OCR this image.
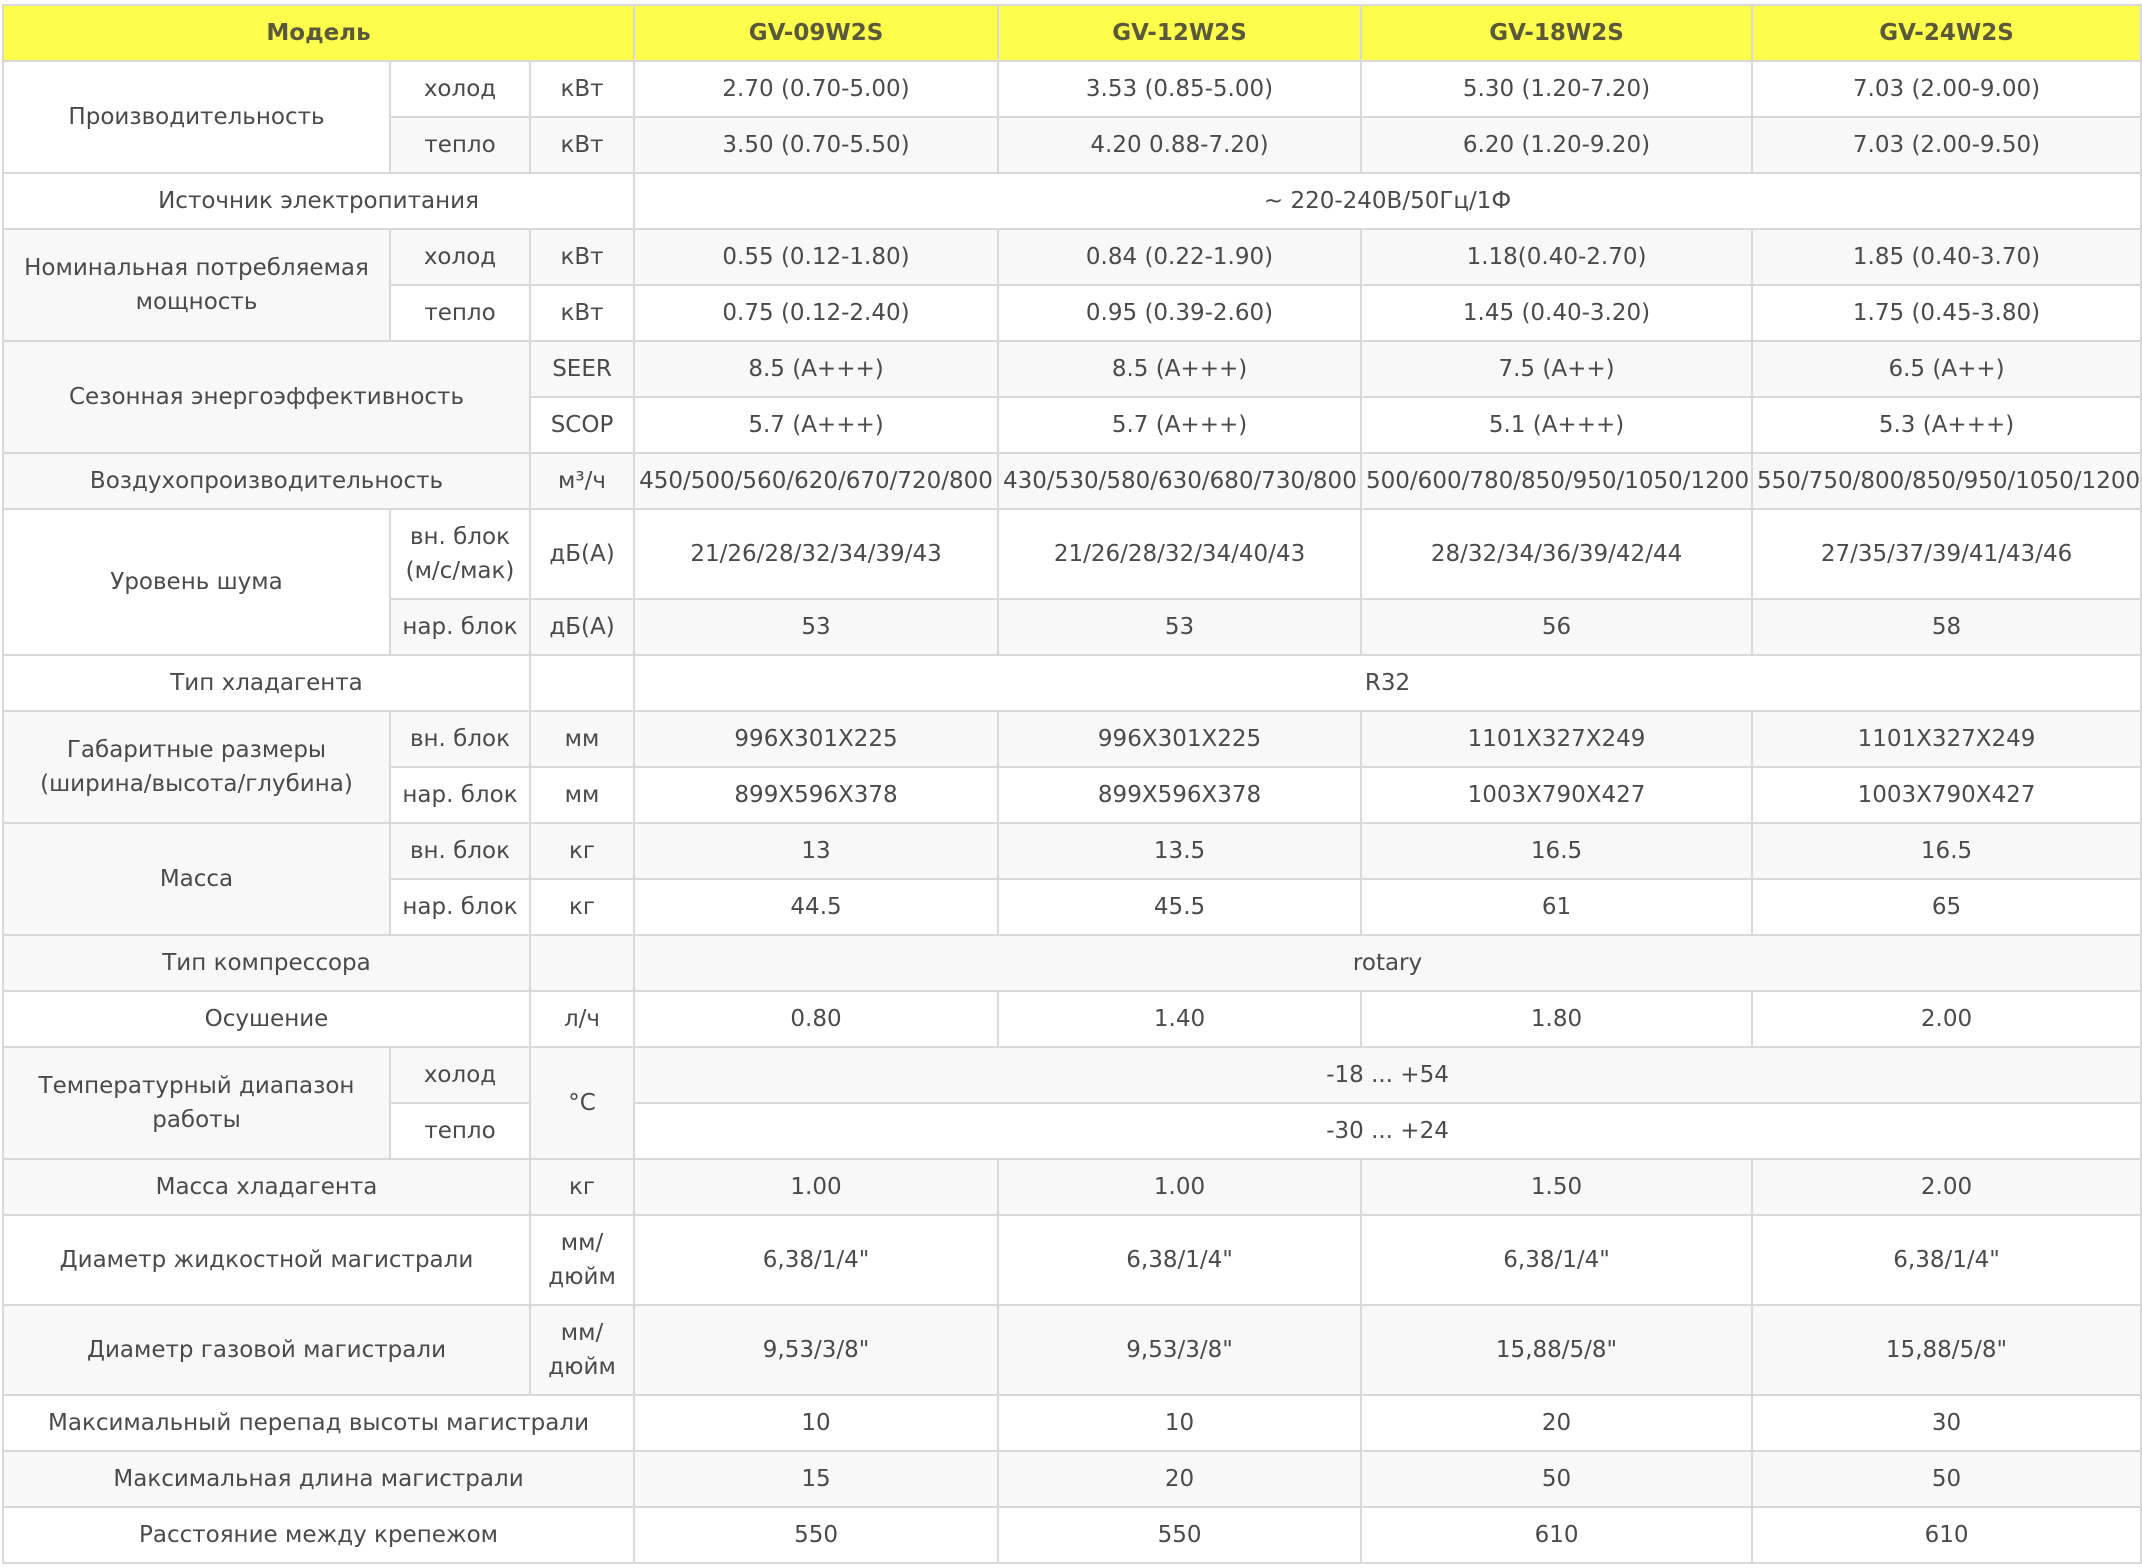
Модель			GV-09W2S	GV-12W2S	GV-18W2S	GV-24W2S
Производительность	холод	кВт	2.70 (0.70-5.00)	3.53 (0.85-5.00)	5.30 (1.20-7.20)	7.03 (2.00-9.00)
	тепло	кВт	3.50 (0.70-5.50)	4.20 0.88-7.20)	6.20 (1.20-9.20)	7.03 (2.00-9.50)
Источник электропитания			~ 220-240В/50Гц/1Ф			
Номинальная потребляемая мощность	холод	кВт	0.55 (0.12-1.80)	0.84 (0.22-1.90)	1.18(0.40-2.70)	1.85 (0.40-3.70)
	тепло	кВт	0.75 (0.12-2.40)	0.95 (0.39-2.60)	1.45 (0.40-3.20)	1.75 (0.45-3.80)
Сезонная энергоэффективность		SEER	8.5 (A+++)	8.5 (A+++)	7.5 (A++)	6.5 (A++)
		SCOP	5.7 (A+++)	5.7 (A+++)	5.1 (A+++)	5.3 (A+++)
Воздухопроизводительность		м³/ч	450/500/560/620/670/720/800	430/530/580/630/680/730/800	500/600/780/850/950/1050/1200	550/750/800/850/950/1050/1200
Уровень шума	вн. блок (м/с/мак)	дБ(А)	21/26/28/32/34/39/43	21/26/28/32/34/40/43	28/32/34/36/39/42/44	27/35/37/39/41/43/46
	нар. блок	дБ(А)	53	53	56	58
Тип хладагента			R32			
Габаритные размеры (ширина/высота/глубина)	вн. блок	мм	996X301X225	996X301X225	1101X327X249	1101X327X249
	нар. блок	мм	899X596X378	899X596X378	1003X790X427	1003X790X427
Масса	вн. блок	кг	13	13.5	16.5	16.5
	нар. блок	кг	44.5	45.5	61	65
Тип компрессора			rotary			
Осушение		л/ч	0.80	1.40	1.80	2.00
Температурный диапазон работы	холод	°C	-18 ... +54			
	тепло		-30 ... +24			
Масса хладагента		кг	1.00	1.00	1.50	2.00
Диаметр жидкостной магистрали		мм/ дюйм	6,38/1/4"	6,38/1/4"	6,38/1/4"	6,38/1/4"
Диаметр газовой магистрали		мм/ дюйм	9,53/3/8"	9,53/3/8"	15,88/5/8"	15,88/5/8"
Максимальный перепад высоты магистрали			10	10	20	30
Максимальная длина магистрали			15	20	50	50
Расстояние между крепежом			550	550	610	610
